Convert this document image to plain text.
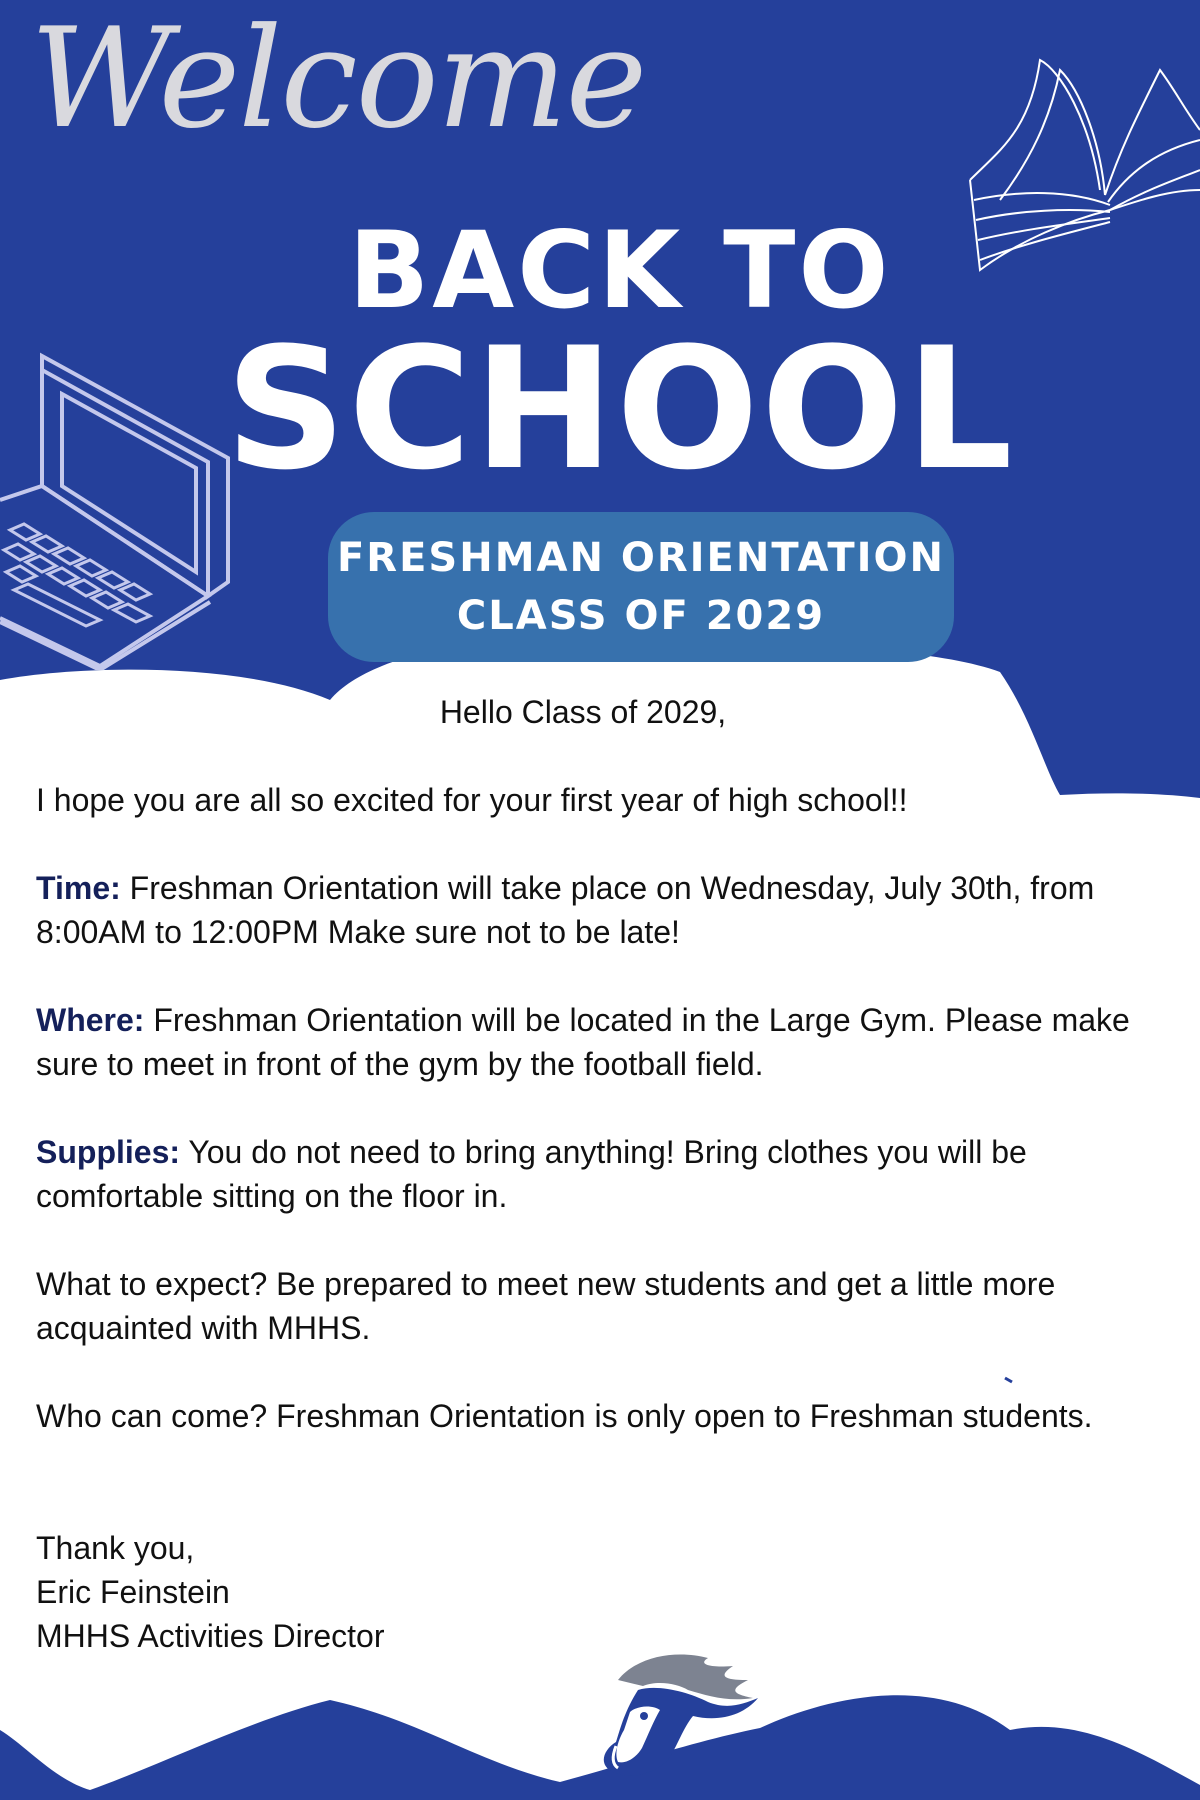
Welcome
BACK TO
SCHOOL
FRESHMAN ORIENTATION
CLASS OF 2029
Hello Class of 2029,
I hope you are all so excited for your first year of high school!!
Time: Freshman Orientation will take place on Wednesday, July 30th, from 8:00AM to 12:00PM Make sure not to be late!
Where: Freshman Orientation will be located in the Large Gym. Please make sure to meet in front of the gym by the football field.
Supplies: You do not need to bring anything! Bring clothes you will be comfortable sitting on the floor in.
What to expect? Be prepared to meet new students and get a little more acquainted with MHHS.
Who can come? Freshman Orientation is only open to Freshman students.
Thank you,
Eric Feinstein
MHHS Activities Director
